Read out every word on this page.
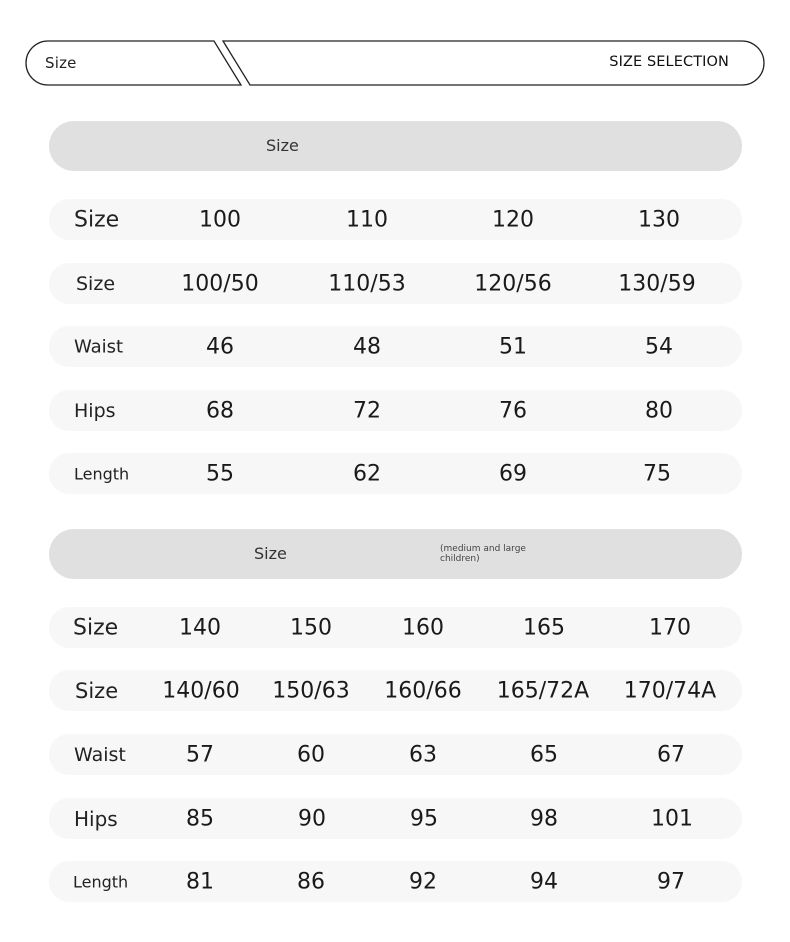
Size	SIZE SELECTION
Size
Size	100	110	120	130
Size	100/50	110/53	120/56	130/59
Waist	46	48	51	54
Hips	68	72	76	80
Length	55	62	69	75
Size	(medium and large children)
Size	140	150	160	165	170
Size 140/60 150/63 160/66 165/72A 170/74A
Waist	57	60	63	65	67
Hips	85	90	95	98	101
Length	81	86	92	94	97
